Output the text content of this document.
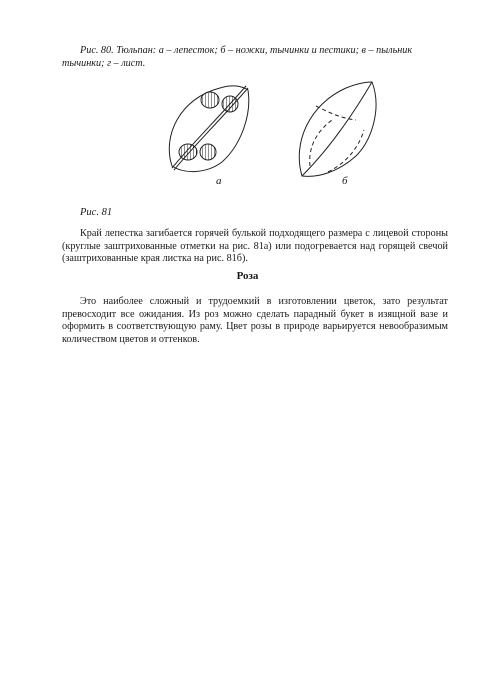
Рис. 80. Тюльпан: а – лепесток; б – ножки, тычинки и пестики; в – пыльник тычинки; г – лист.
а	б
Рис. 81
Край лепестка загибается горячей булькой подходящего размера с лицевой стороны (круглые заштрихованные отметки на рис. 81а) или подогревается над горящей свечой (заштрихованные края листка на рис. 81б).
Роза
Это наиболее сложный и трудоемкий в изготовлении цветок, зато результат превосходит все ожидания. Из роз можно сделать парадный букет в изящной вазе и оформить в соответствующую раму. Цвет розы в природе варьируется невообразимым количеством цветов и оттенков.
